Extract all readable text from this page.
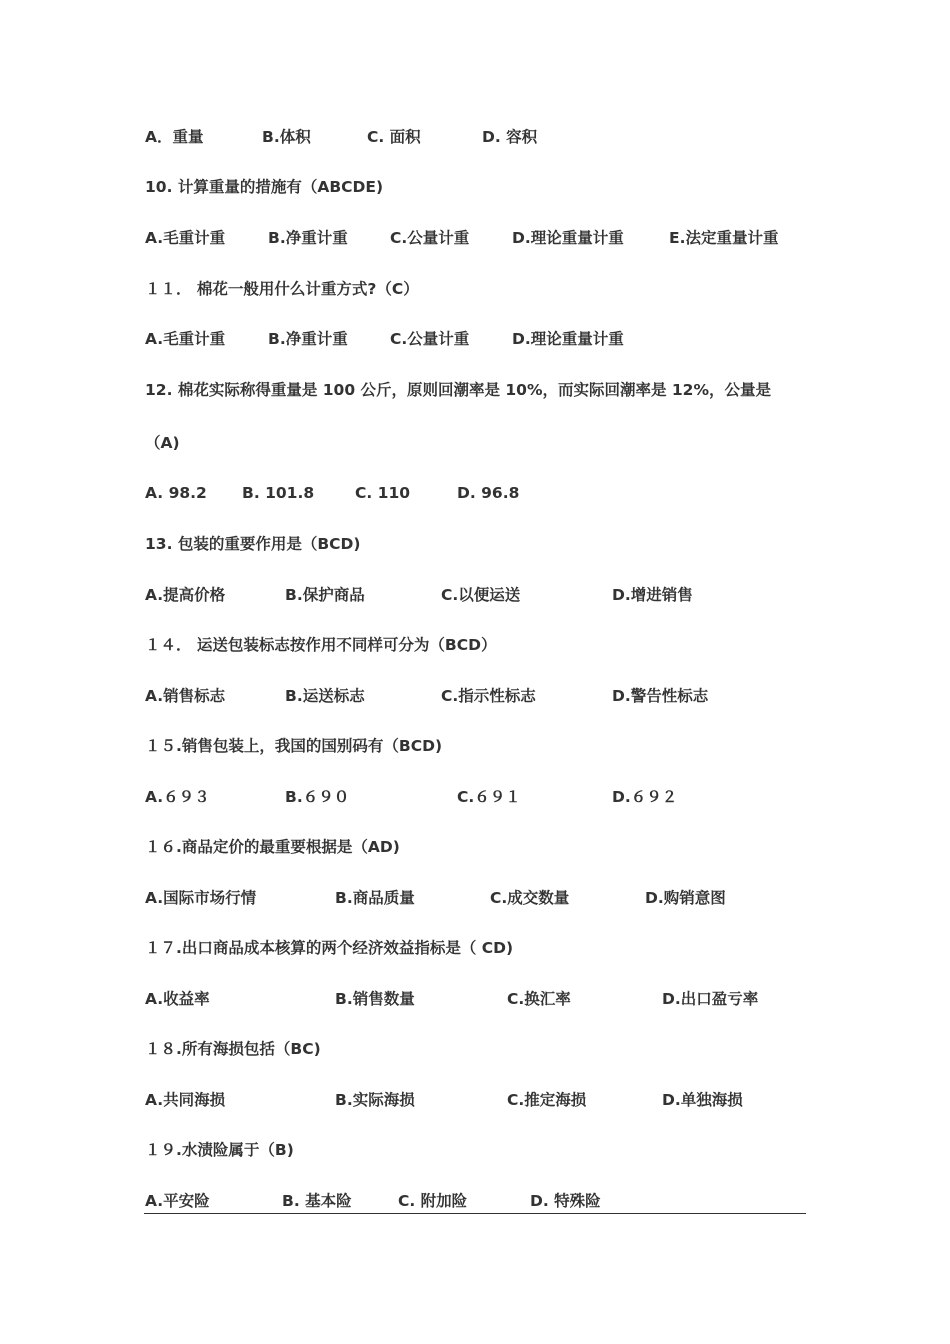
A．重量	B.体积	C. 面积	D. 容积
10. 计算重量的措施有（ABCDE)
A.毛重计重	B.净重计重	C.公量计重	D.理论重量计重	E.法定重量计重
１１． 棉花一般用什么计重方式?（C）
A.毛重计重	B.净重计重	C.公量计重	D.理论重量计重
12. 棉花实际称得重量是 100 公斤，原则回潮率是 10%，而实际回潮率是 12%，公量是
（A)
A. 98.2 B. 101.8	C. 110	D. 96.8
13. 包装的重要作用是（BCD)
A.提高价格	B.保护商品	C.以便运送	D.增进销售
１４． 运送包装标志按作用不同样可分为（BCD）
A.销售标志	B.运送标志	C.指示性标志	D.警告性标志
１５.销售包装上，我国的国别码有（BCD)
A.６９３	B.６９０	C.６９１	D.６９２
１６.商品定价的最重要根据是（AD)
A.国际市场行情	B.商品质量	C.成交数量	D.购销意图
１７.出口商品成本核算的两个经济效益指标是（ CD)
A.收益率	B.销售数量	C.换汇率	D.出口盈亏率
１８.所有海损包括（BC)
A.共同海损	B.实际海损	C.推定海损	D.单独海损
１９.水渍险属于（B)
A.平安险	B. 基本险	C. 附加险	D. 特殊险
